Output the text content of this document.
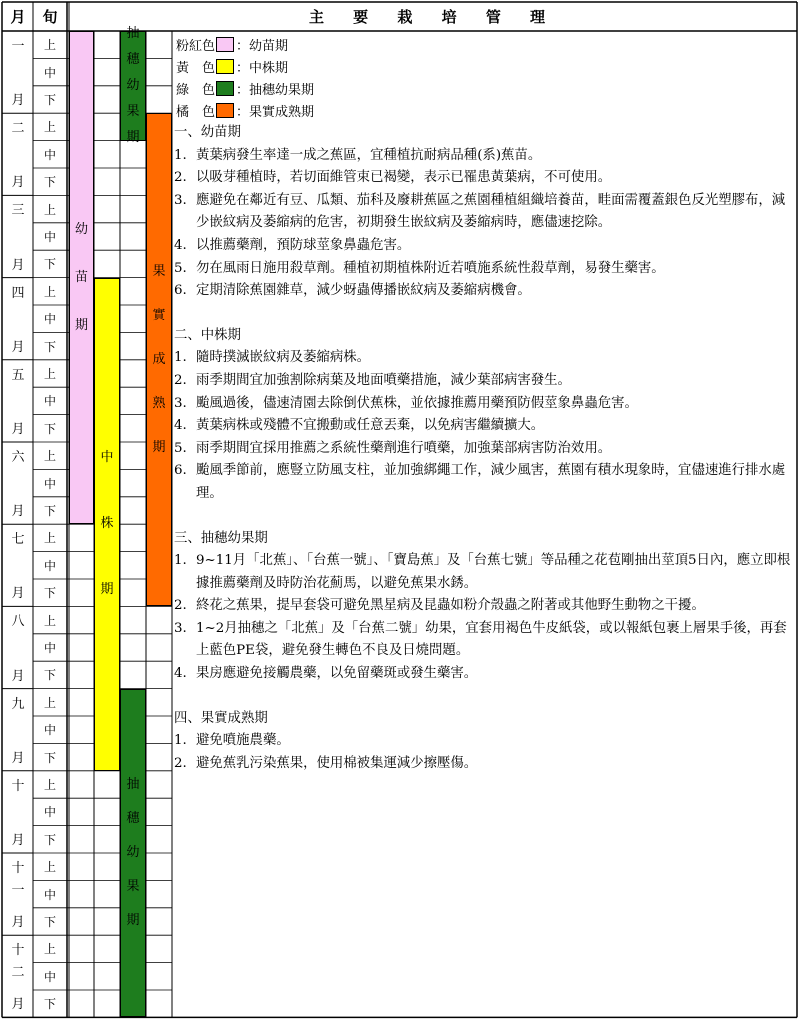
月	旬	主 要 栽 培 管 理
一
月
二
月
三
月
四
月
五
月
六
月
七
月
八
月
九
月
十
月
十
一
月
十
二
月
上
中
下
上
中
下
上
中
下
上
中
下
上
中
下
上
中
下
上
中
下
上
中
下
上
中
下
上
中
下
上
中
下
上
中
下
幼
苗
期
中
株
期
抽
穗
幼
果
期
抽
穗
幼
果
期
果
實
成
熟
期
粉紅色 ：幼苗期
黃　色 ：中株期
綠　色 ：抽穗幼果期
橘　色 ：果實成熟期
一、幼苗期
1. 黃葉病發生率達一成之蕉區，宜種植抗耐病品種(系)蕉苗。
2. 以吸芽種植時，若切面維管束已褐變，表示已罹患黃葉病，不可使用。
3. 應避免在鄰近有豆、瓜類、茄科及廢耕蕉區之蕉園種植組織培養苗，畦面需覆蓋銀色反光塑膠布，減少嵌紋病及萎縮病的危害，初期發生嵌紋病及萎縮病時，應儘速挖除。
4. 以推薦藥劑，預防球莖象鼻蟲危害。
5. 勿在風雨日施用殺草劑。種植初期植株附近若噴施系統性殺草劑，易發生藥害。
6. 定期清除蕉園雜草，減少蚜蟲傳播嵌紋病及萎縮病機會。
二、中株期
1. 隨時撲滅嵌紋病及萎縮病株。
2. 雨季期間宜加強割除病葉及地面噴藥措施，減少葉部病害發生。
3. 颱風過後，儘速清園去除倒伏蕉株，並依據推薦用藥預防假莖象鼻蟲危害。
4. 黃葉病株或殘體不宜搬動或任意丟棄，以免病害繼續擴大。
5. 雨季期間宜採用推薦之系統性藥劑進行噴藥，加強葉部病害防治效用。
6. 颱風季節前，應豎立防風支柱，並加強綁繩工作，減少風害，蕉園有積水現象時，宜儘速進行排水處理。
三、抽穗幼果期
1. 9~11月「北蕉」、「台蕉一號」、「寶島蕉」及「台蕉七號」等品種之花苞剛抽出莖頂5日內，應立即根據推薦藥劑及時防治花薊馬，以避免蕉果水銹。
2. 終花之蕉果，提早套袋可避免黑星病及昆蟲如粉介殼蟲之附著或其他野生動物之干擾。
3. 1~2月抽穗之「北蕉」及「台蕉二號」幼果，宜套用褐色牛皮紙袋，或以報紙包裹上層果手後，再套上藍色PE袋，避免發生轉色不良及日燒問題。
4. 果房應避免接觸農藥，以免留藥斑或發生藥害。
四、果實成熟期
1. 避免噴施農藥。
2. 避免蕉乳污染蕉果，使用棉被集運減少擦壓傷。
